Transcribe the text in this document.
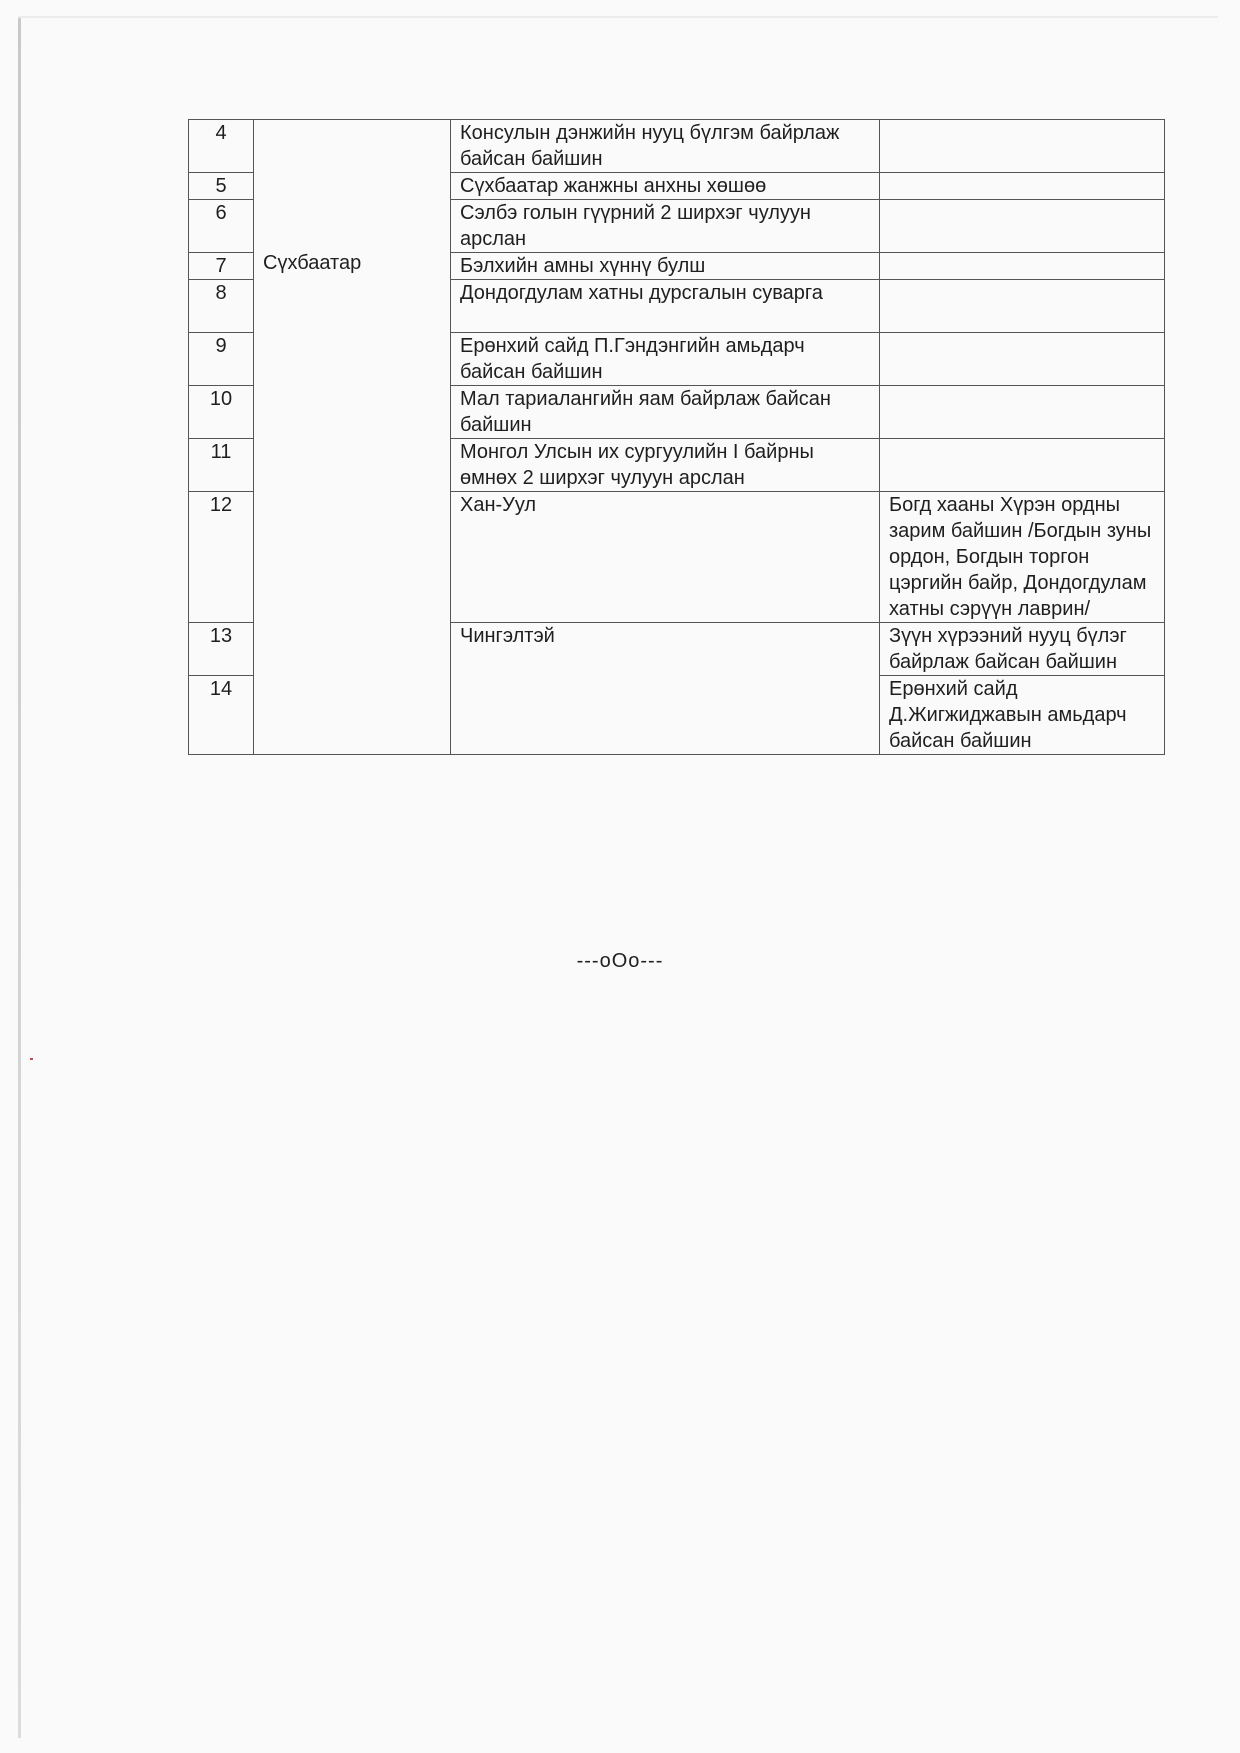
4	Сүхбаатар	Консулын дэнжийн нууц бүлгэм байрлаж байсан байшин		
5		Сүхбаатар жанжны анхны хөшөө		
6		Сэлбэ голын гүүрний 2 ширхэг чулуун арслан		
7		Бэлхийн амны хүннү булш		
8		Дондогдулам хатны дурсгалын суварга		
9		Ерөнхий сайд П.Гэндэнгийн амьдарч байсан байшин		
10		Мал тариалангийн яам байрлаж байсан байшин		
11		Монгол Улсын их сургуулийн I байрны өмнөх 2 ширхэг чулуун арслан		
12		Хан-Уул	Богд хааны Хүрэн ордны зарим байшин /Богдын зуны ордон, Богдын торгон цэргийн байр, Дондогдулам хатны сэрүүн лаврин/	
13		Чингэлтэй	Зүүн хүрээний нууц бүлэг байрлаж байсан байшин	
14			Ерөнхий сайд Д.Жигжиджавын амьдарч байсан байшин	
---оОо---
